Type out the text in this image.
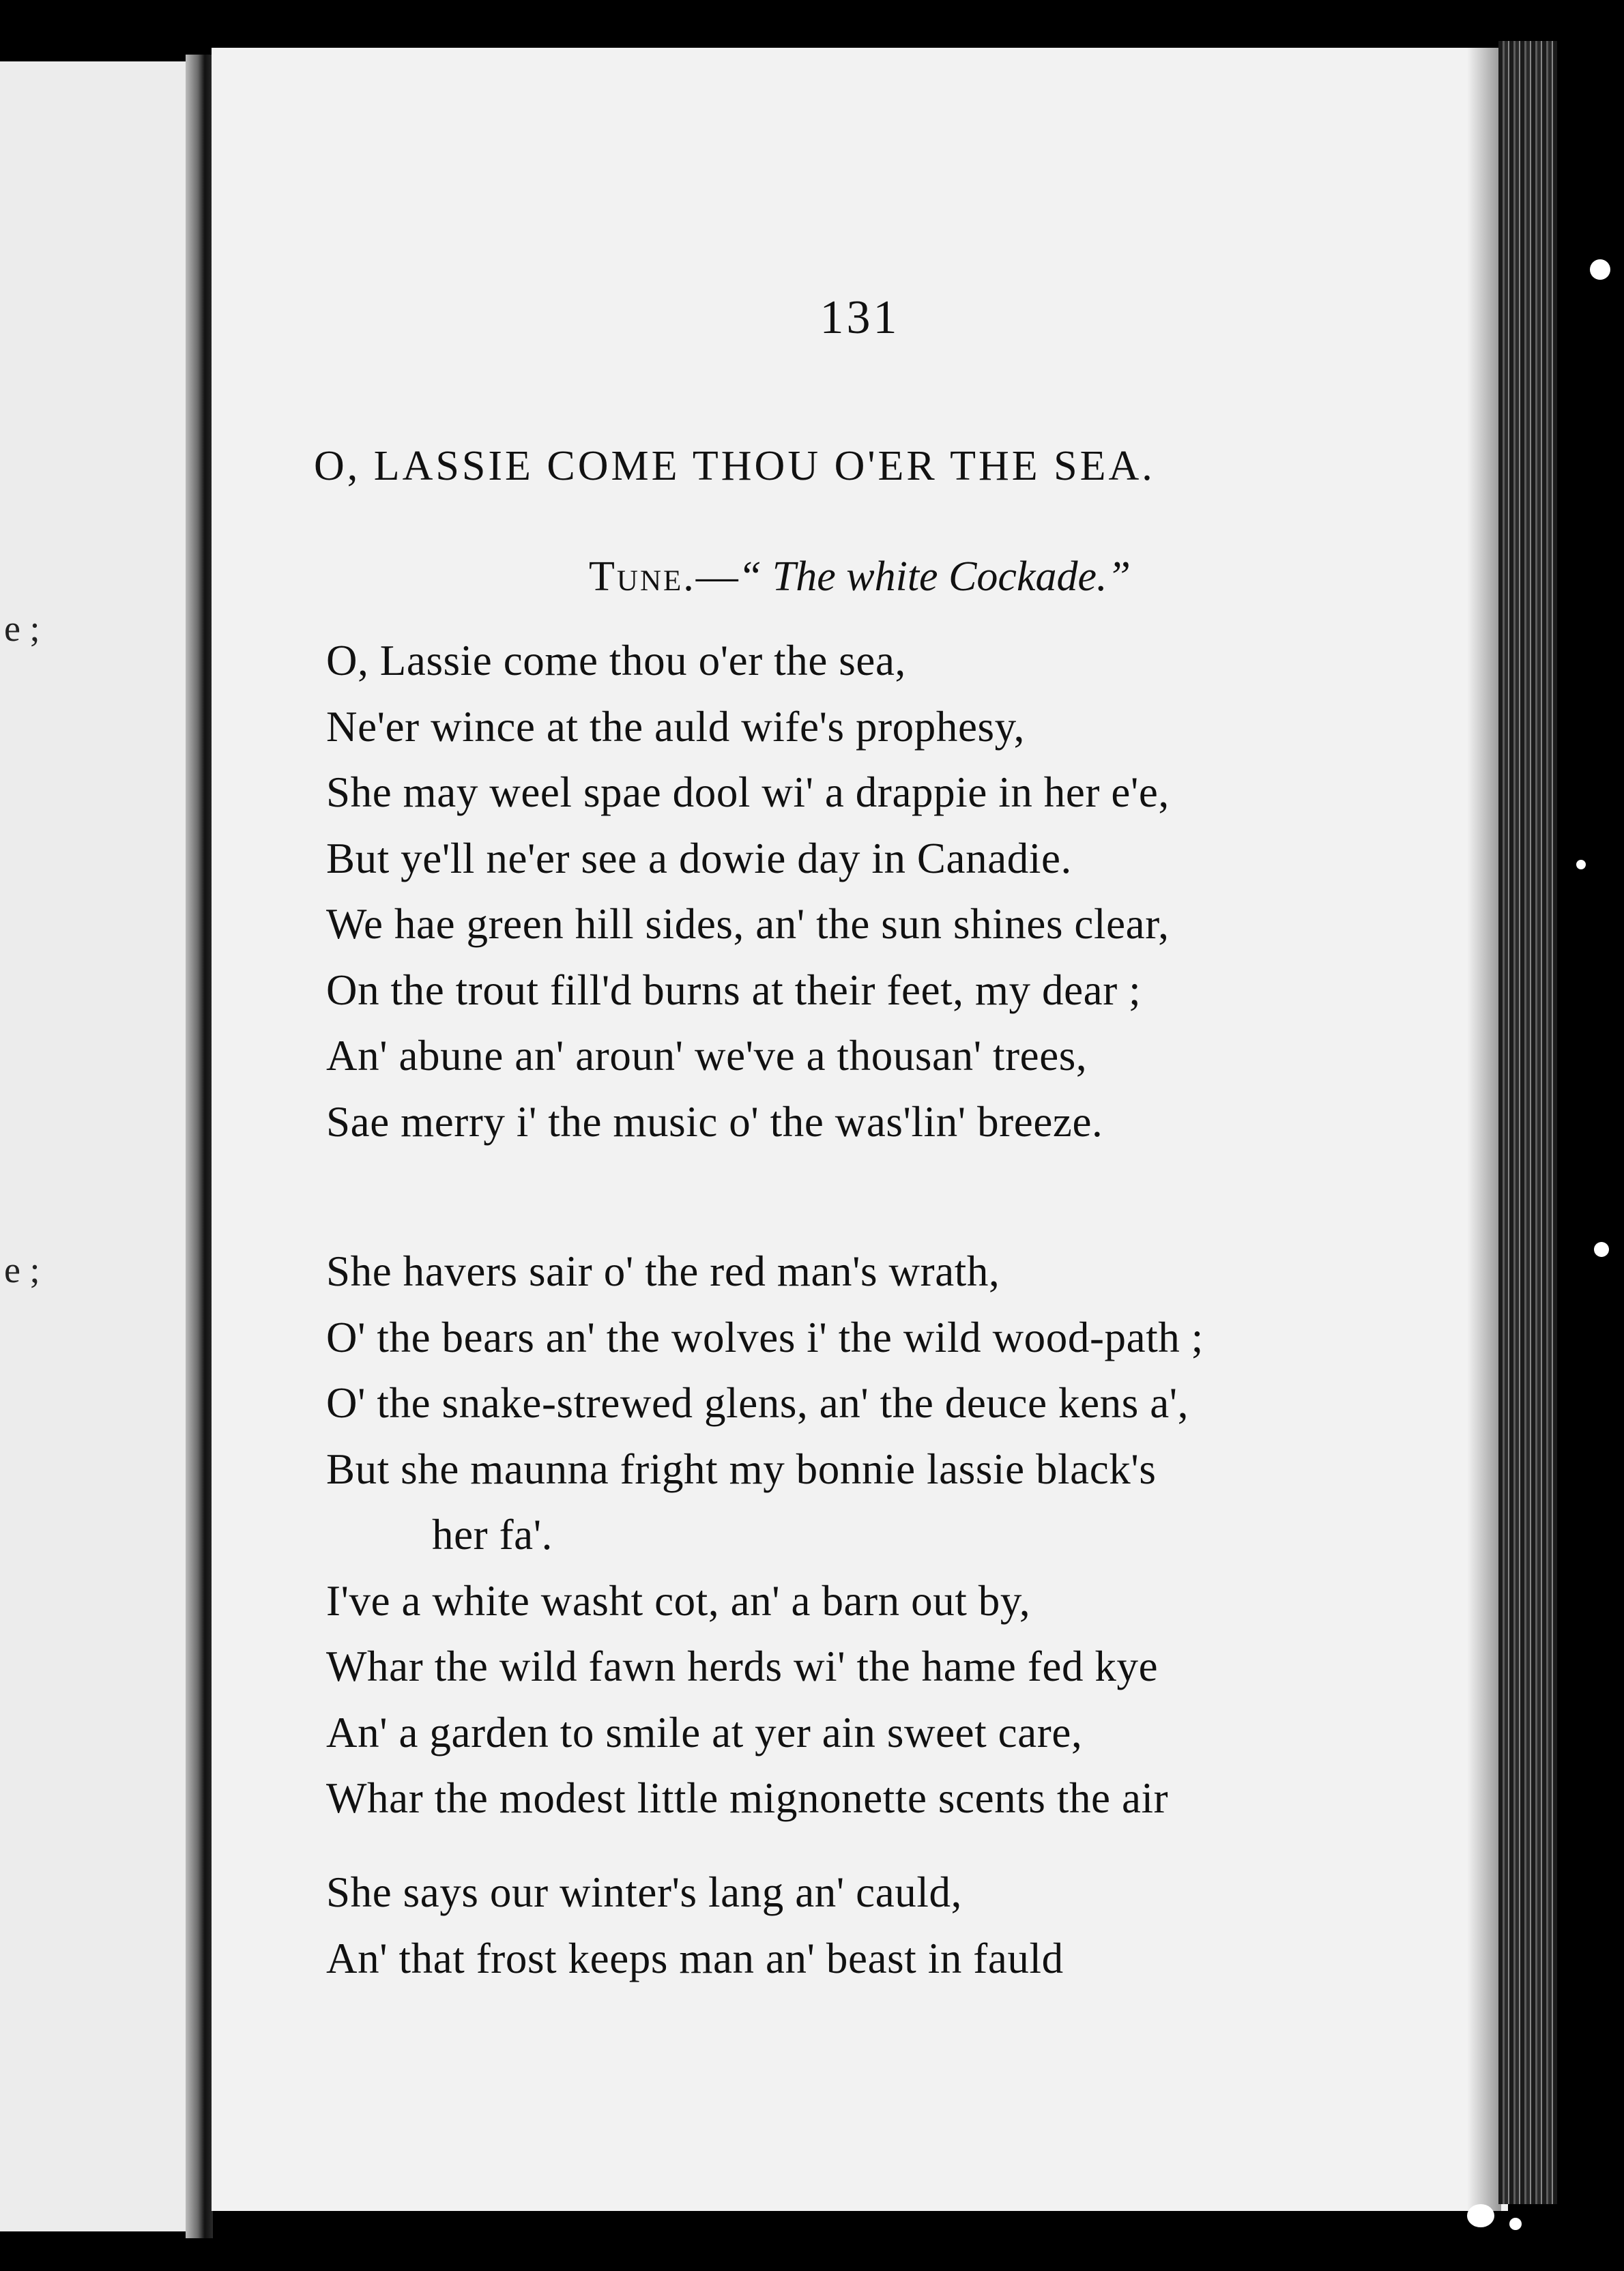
e ;
e ;
131
O, LASSIE COME THOU O'ER THE SEA.
Tune.—“ The white Cockade.”
O, Lassie come thou o'er the sea,
Ne'er wince at the auld wife's prophesy,
She may weel spae dool wi' a drappie in her e'e,
But ye'll ne'er see a dowie day in Canadie.
We hae green hill sides, an' the sun shines clear,
On the trout fill'd burns at their feet, my dear ;
An' abune an' aroun' we've a thousan' trees,
Sae merry i' the music o' the was'lin' breeze.
She havers sair o' the red man's wrath,
O' the bears an' the wolves i' the wild wood-path ;
O' the snake-strewed glens, an' the deuce kens a',
But she maunna fright my bonnie lassie black's
her fa'.
I've a white washt cot, an' a barn out by,
Whar the wild fawn herds wi' the hame fed kye
An' a garden to smile at yer ain sweet care,
Whar the modest little mignonette scents the air
She says our winter's lang an' cauld,
An' that frost keeps man an' beast in fauld
